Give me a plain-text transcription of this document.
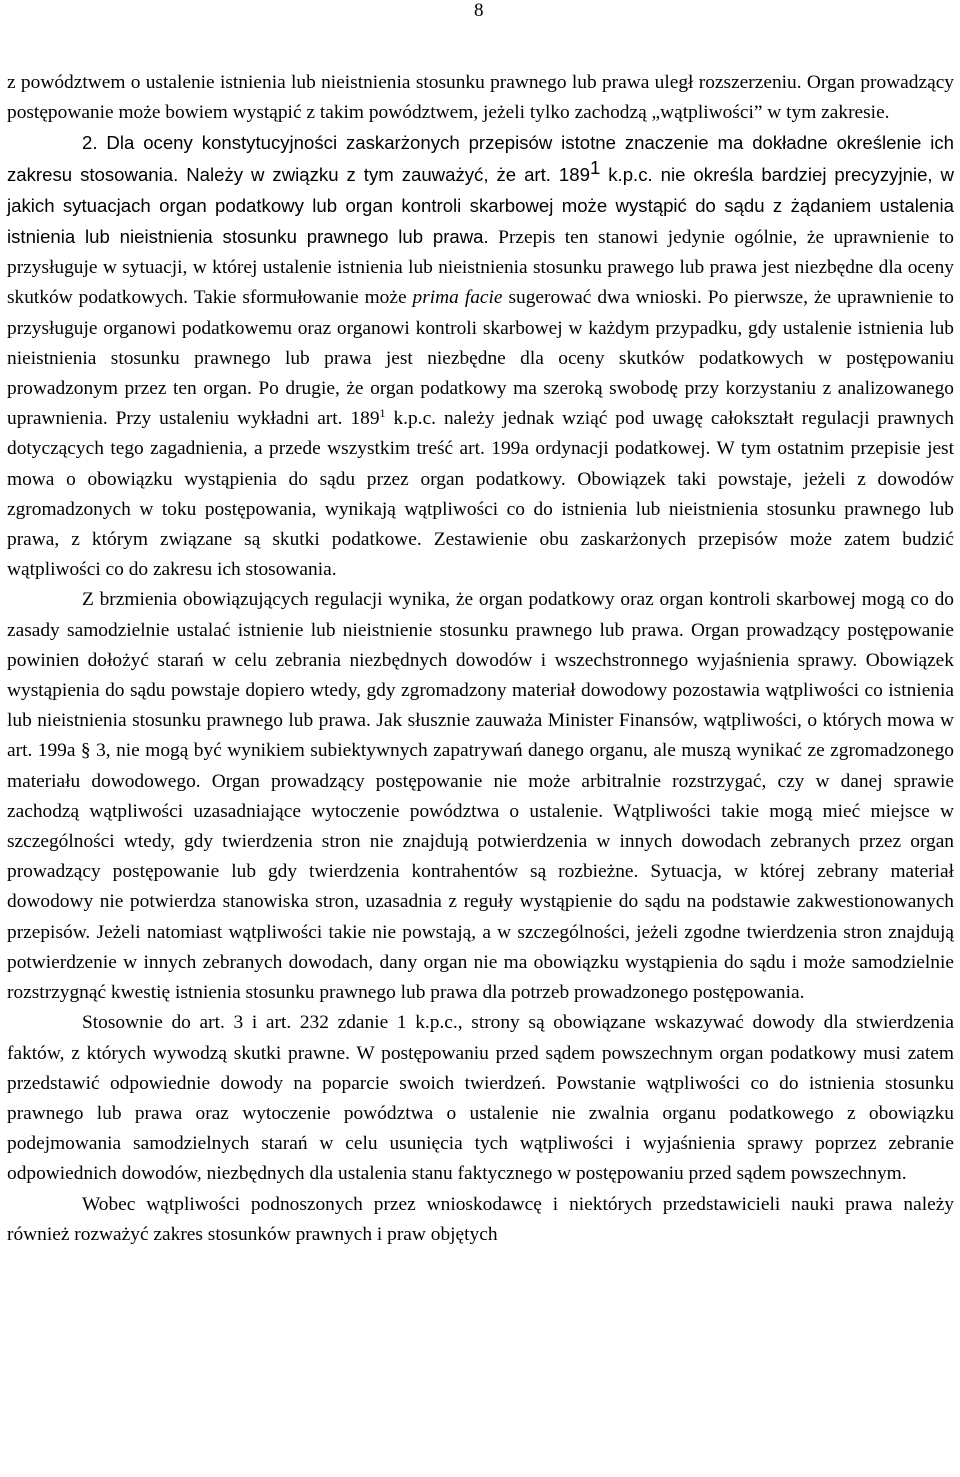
8

z powództwem o ustalenie istnienia lub nieistnienia stosunku prawnego lub prawa uległ rozszerzeniu. Organ prowadzący postępowanie może bowiem wystąpić z takim powództwem, jeżeli tylko zachodzą „wątpliwości” w tym zakresie.

2. Dla oceny konstytucyjności zaskarżonych przepisów istotne znaczenie ma dokładne określenie ich zakresu stosowania. Należy w związku z tym zauważyć, że art. $189^1$ k.p.c. nie określa bardziej precyzyjnie, w jakich sytuacjach organ podatkowy lub organ kontroli skarbowej może wystąpić do sądu z żądaniem ustalenia istnienia lub nieistnienia stosunku prawnego lub prawa. Przepis ten stanowi jedynie ogólnie, że uprawnienie to przysługuje w sytuacji, w której ustalenie istnienia lub nieistnienia stosunku prawego lub prawa jest niezbędne dla oceny skutków podatkowych. Takie sformułowanie może prima facie sugerować dwa wnioski. Po pierwsze, że uprawnienie to przysługuje organowi podatkowemu oraz organowi kontroli skarbowej w każdym przypadku, gdy ustalenie istnienia lub nieistnienia stosunku prawnego lub prawa jest niezbędne dla oceny skutków podatkowych w postępowaniu prowadzonym przez ten organ. Po drugie, że organ podatkowy ma szeroką swobodę przy korzystaniu z analizowanego uprawnienia. Przy ustaleniu wykładni art. $189^1$ k.p.c. należy jednak wziąć pod uwagę całokształt regulacji prawnych dotyczących tego zagadnienia, a przede wszystkim treść art. 199a ordynacji podatkowej. W tym ostatnim przepisie jest mowa o obowiązku wystąpienia do sądu przez organ podatkowy. Obowiązek taki powstaje, jeżeli z dowodów zgromadzonych w toku postępowania, wynikają wątpliwości co do istnienia lub nieistnienia stosunku prawnego lub prawa, z którym związane są skutki podatkowe. Zestawienie obu zaskarżonych przepisów może zatem budzić wątpliwości co do zakresu ich stosowania.

Z brzmienia obowiązujących regulacji wynika, że organ podatkowy oraz organ kontroli skarbowej mogą co do zasady samodzielnie ustalać istnienie lub nieistnienie stosunku prawnego lub prawa. Organ prowadzący postępowanie powinien dołożyć starań w celu zebrania niezbędnych dowodów i wszechstronnego wyjaśnienia sprawy. Obowiązek wystąpienia do sądu powstaje dopiero wtedy, gdy zgromadzony materiał dowodowy pozostawia wątpliwości co istnienia lub nieistnienia stosunku prawnego lub prawa. Jak słusznie zauważa Minister Finansów, wątpliwości, o których mowa w art. 199a § 3, nie mogą być wynikiem subiektywnych zapatrywań danego organu, ale muszą wynikać ze zgromadzonego materiału dowodowego. Organ prowadzący postępowanie nie może arbitralnie rozstrzygać, czy w danej sprawie zachodzą wątpliwości uzasadniające wytoczenie powództwa o ustalenie. Wątpliwości takie mogą mieć miejsce w szczególności wtedy, gdy twierdzenia stron nie znajdują potwierdzenia w innych dowodach zebranych przez organ prowadzący postępowanie lub gdy twierdzenia kontrahentów są rozbieżne. Sytuacja, w której zebrany materiał dowodowy nie potwierdza stanowiska stron, uzasadnia z reguły wystąpienie do sądu na podstawie zakwestionowanych przepisów. Jeżeli natomiast wątpliwości takie nie powstają, a w szczególności, jeżeli zgodne twierdzenia stron znajdują potwierdzenie w innych zebranych dowodach, dany organ nie ma obowiązku wystąpienia do sądu i może samodzielnie rozstrzygnąć kwestię istnienia stosunku prawnego lub prawa dla potrzeb prowadzonego postępowania.

Stosownie do art. 3 i art. 232 zdanie 1 k.p.c., strony są obowiązane wskazywać dowody dla stwierdzenia faktów, z których wywodzą skutki prawne. W postępowaniu przed sądem powszechnym organ podatkowy musi zatem przedstawić odpowiednie dowody na poparcie swoich twierdzeń. Powstanie wątpliwości co do istnienia stosunku prawnego lub prawa oraz wytoczenie powództwa o ustalenie nie zwalnia organu podatkowego z obowiązku podejmowania samodzielnych starań w celu usunięcia tych wątpliwości i wyjaśnienia sprawy poprzez zebranie odpowiednich dowodów, niezbędnych dla ustalenia stanu faktycznego w postępowaniu przed sądem powszechnym.

Wobec wątpliwości podnoszonych przez wnioskodawcę i niektórych przedstawicieli nauki prawa należy również rozważyć zakres stosunków prawnych i praw objętych
